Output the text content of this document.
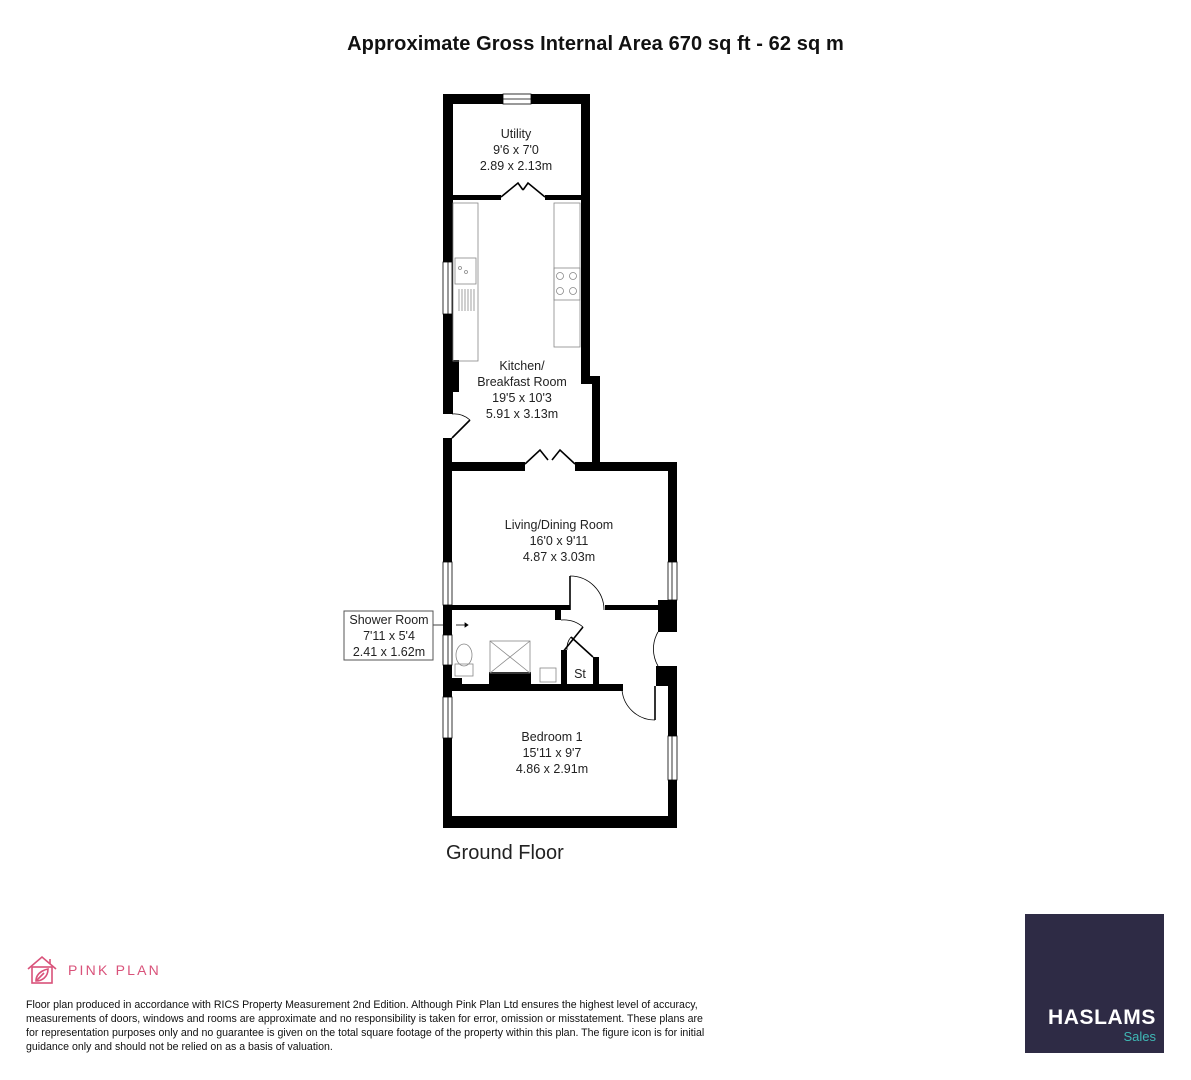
Approximate Gross Internal Area 670 sq ft - 62 sq m
Utility
9'6 x 7'0
2.89 x 2.13m
Kitchen/
Breakfast Room
19'5 x 10'3
5.91 x 3.13m
Living/Dining Room
16'0 x 9'11
4.87 x 3.03m
Shower Room
7'11 x 5'4
2.41 x 1.62m
Bedroom 1
15'11 x 9'7
4.86 x 2.91m
St
Ground Floor
PINK PLAN
Floor plan produced in accordance with RICS Property Measurement 2nd Edition. Although Pink Plan Ltd ensures the highest level of accuracy, measurements of doors, windows and rooms are approximate and no responsibility is taken for error, omission or misstatement. These plans are for representation purposes only and no guarantee is given on the total square footage of the property within this plan. The figure icon is for initial guidance only and should not be relied on as a basis of valuation.
HASLAMS
Sales
